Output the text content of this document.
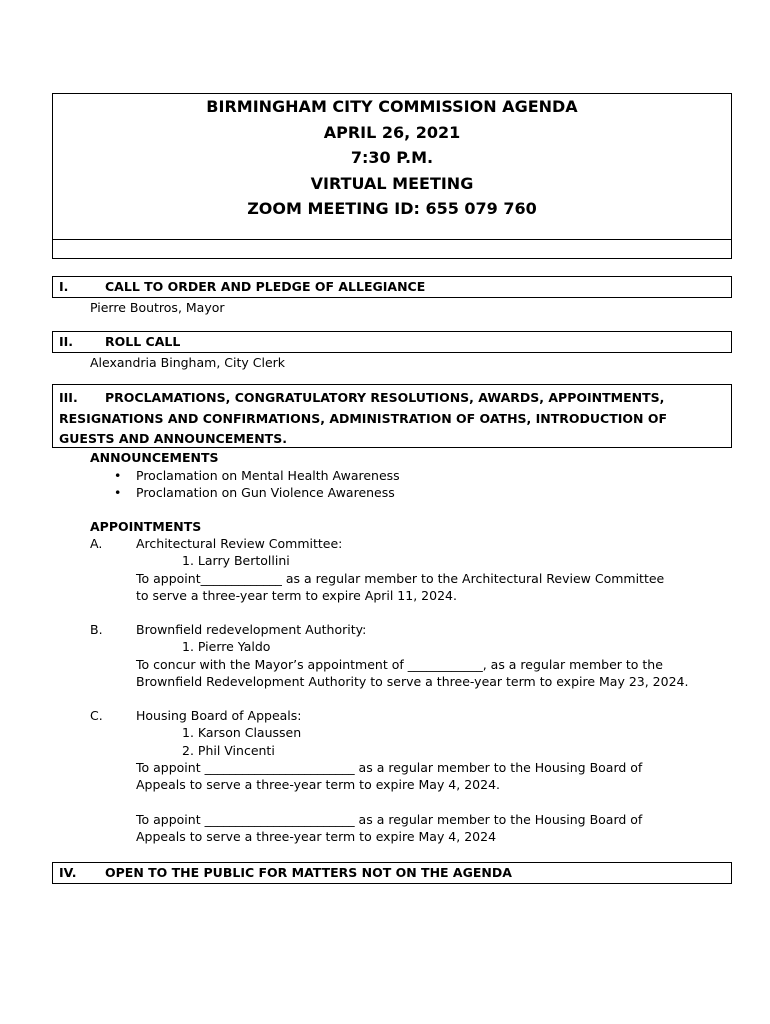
BIRMINGHAM CITY COMMISSION AGENDA
APRIL 26, 2021
7:30 P.M.
VIRTUAL MEETING
ZOOM MEETING ID: 655 079 760
I.	CALL TO ORDER AND PLEDGE OF ALLEGIANCE
Pierre Boutros, Mayor
II.	ROLL CALL
Alexandria Bingham, City Clerk
III. PROCLAMATIONS, CONGRATULATORY RESOLUTIONS, AWARDS, APPOINTMENTS,
RESIGNATIONS AND CONFIRMATIONS, ADMINISTRATION OF OATHS, INTRODUCTION OF
GUESTS AND ANNOUNCEMENTS.
ANNOUNCEMENTS
• Proclamation on Mental Health Awareness
• Proclamation on Gun Violence Awareness
APPOINTMENTS
A.	Architectural Review Committee:
1. Larry Bertollini
To appoint_____________ as a regular member to the Architectural Review Committee
to serve a three-year term to expire April 11, 2024.
B.	Brownfield redevelopment Authority:
1. Pierre Yaldo
To concur with the Mayor’s appointment of ____________, as a regular member to the
Brownfield Redevelopment Authority to serve a three-year term to expire May 23, 2024.
C.	Housing Board of Appeals:
1. Karson Claussen
2. Phil Vincenti
To appoint ________________________ as a regular member to the Housing Board of
Appeals to serve a three-year term to expire May 4, 2024.
To appoint ________________________ as a regular member to the Housing Board of
Appeals to serve a three-year term to expire May 4, 2024
IV. OPEN TO THE PUBLIC FOR MATTERS NOT ON THE AGENDA
